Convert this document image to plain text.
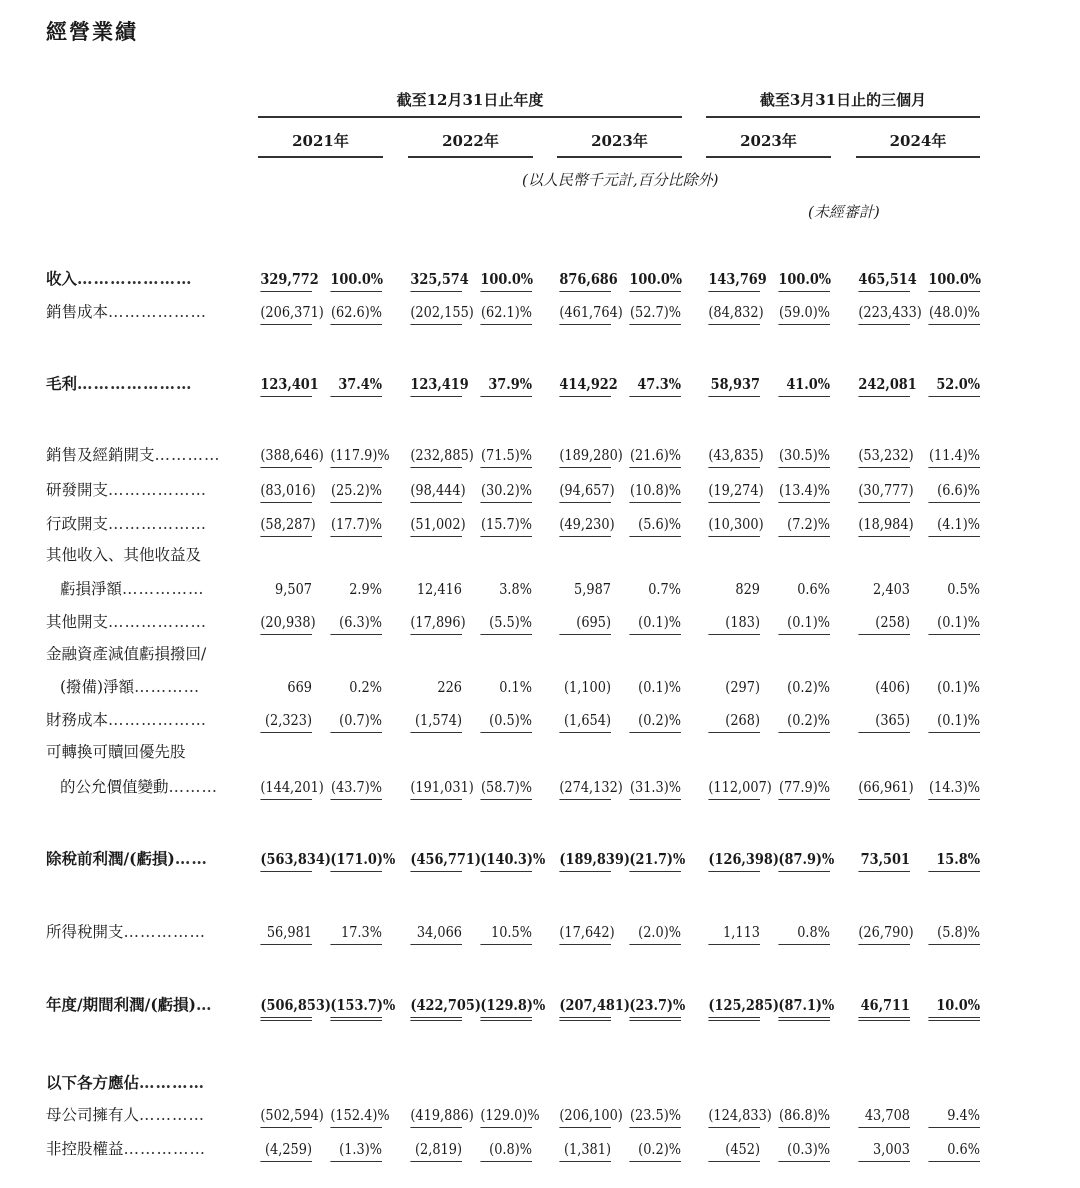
經營業績
截至12月31日止年度	截至3月31日止的三個月
2021年	2022年	2023年	2023年	2024年
(以人民幣千元計,百分比除外)
(未經審計)
收入…………………	329,772 100.0% 325,574 100.0% 876,686 100.0% 143,769 100.0% 465,514 100.0%
銷售成本………………	(206,371) (62.6)% (202,155) (62.1)% (461,764) (52.7)% (84,832) (59.0)% (223,433) (48.0)%
毛利…………………	123,401	37.4% 123,419	37.9% 414,922	47.3% 58,937	41.0% 242,081	52.0%
銷售及經銷開支…………	(388,646) (117.9)% (232,885) (71.5)% (189,280) (21.6)% (43,835) (30.5)% (53,232) (11.4)%
研發開支………………	(83,016) (25.2)% (98,444) (30.2)% (94,657) (10.8)% (19,274) (13.4)% (30,777)	(6.6)%
行政開支………………	(58,287) (17.7)% (51,002) (15.7)% (49,230)	(5.6)% (10,300)	(7.2)% (18,984)	(4.1)%
其他收入、其他收益及
虧損淨額……………	9,507	2.9%	12,416	3.8%	5,987	0.7%	829	0.6%	2,403	0.5%
其他開支………………	(20,938)	(6.3)% (17,896)	(5.5)%	(695)	(0.1)%	(183)	(0.1)%	(258)	(0.1)%
金融資產減值虧損撥回/
(撥備)淨額…………	669	0.2%	226	0.1%	(1,100)	(0.1)%	(297)	(0.2)%	(406)	(0.1)%
財務成本………………	(2,323)	(0.7)%	(1,574)	(0.5)%	(1,654)	(0.2)%	(268)	(0.2)%	(365)	(0.1)%
可轉換可贖回優先股
的公允價值變動………	(144,201) (43.7)% (191,031) (58.7)% (274,132) (31.3)% (112,007) (77.9)% (66,961) (14.3)%
除稅前利潤/(虧損)……	(563,834) (171.0)% (456,771) (140.3)% (189,839) (21.7)% (126,398) (87.9)% 73,501	15.8%
所得稅開支……………	56,981	17.3%	34,066	10.5% (17,642)	(2.0)%	1,113	0.8% (26,790)	(5.8)%
年度/期間利潤/(虧損)…	(506,853) (153.7)% (422,705) (129.8)% (207,481) (23.7)% (125,285) (87.1)% 46,711	10.0%
以下各方應佔…………
母公司擁有人…………	(502,594) (152.4)% (419,886) (129.0)% (206,100) (23.5)% (124,833) (86.8)%	43,708	9.4%
非控股權益……………	(4,259)	(1.3)%	(2,819)	(0.8)%	(1,381)	(0.2)%	(452)	(0.3)%	3,003	0.6%
